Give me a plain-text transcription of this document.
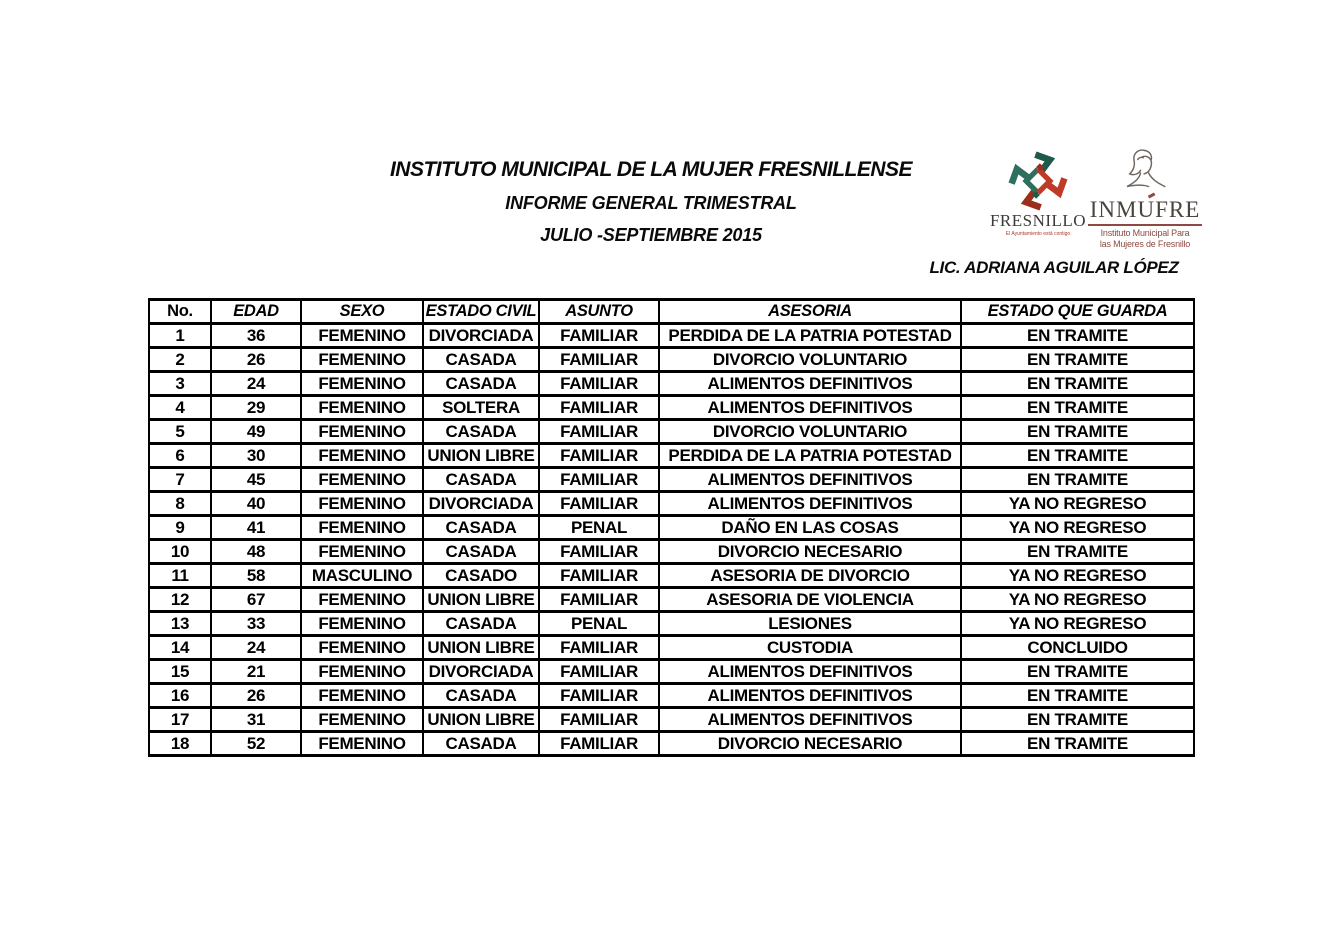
INSTITUTO MUNICIPAL DE LA MUJER FRESNILLENSE
INFORME GENERAL TRIMESTRAL
JULIO -SEPTIEMBRE 2015
FRESNILLO
El Ayuntamiento está contigo
INMUFRE
Instituto Municipal Para
las Mujeres de Fresnillo
LIC. ADRIANA AGUILAR LÓPEZ
No.	EDAD	SEXO	ESTADO CIVIL	ASUNTO	ASESORIA	ESTADO QUE GUARDA
1	36	FEMENINO	DIVORCIADA	FAMILIAR	PERDIDA DE LA PATRIA POTESTAD	EN TRAMITE
2	26	FEMENINO	CASADA	FAMILIAR	DIVORCIO VOLUNTARIO	EN TRAMITE
3	24	FEMENINO	CASADA	FAMILIAR	ALIMENTOS DEFINITIVOS	EN TRAMITE
4	29	FEMENINO	SOLTERA	FAMILIAR	ALIMENTOS DEFINITIVOS	EN TRAMITE
5	49	FEMENINO	CASADA	FAMILIAR	DIVORCIO VOLUNTARIO	EN TRAMITE
6	30	FEMENINO	UNION LIBRE	FAMILIAR	PERDIDA DE LA PATRIA POTESTAD	EN TRAMITE
7	45	FEMENINO	CASADA	FAMILIAR	ALIMENTOS DEFINITIVOS	EN TRAMITE
8	40	FEMENINO	DIVORCIADA	FAMILIAR	ALIMENTOS DEFINITIVOS	YA NO REGRESO
9	41	FEMENINO	CASADA	PENAL	DAÑO EN LAS COSAS	YA NO REGRESO
10	48	FEMENINO	CASADA	FAMILIAR	DIVORCIO NECESARIO	EN TRAMITE
11	58	MASCULINO	CASADO	FAMILIAR	ASESORIA DE DIVORCIO	YA NO REGRESO
12	67	FEMENINO	UNION LIBRE	FAMILIAR	ASESORIA DE VIOLENCIA	YA NO REGRESO
13	33	FEMENINO	CASADA	PENAL	LESIONES	YA NO REGRESO
14	24	FEMENINO	UNION LIBRE	FAMILIAR	CUSTODIA	CONCLUIDO
15	21	FEMENINO	DIVORCIADA	FAMILIAR	ALIMENTOS DEFINITIVOS	EN TRAMITE
16	26	FEMENINO	CASADA	FAMILIAR	ALIMENTOS DEFINITIVOS	EN TRAMITE
17	31	FEMENINO	UNION LIBRE	FAMILIAR	ALIMENTOS DEFINITIVOS	EN TRAMITE
18	52	FEMENINO	CASADA	FAMILIAR	DIVORCIO NECESARIO	EN TRAMITE
